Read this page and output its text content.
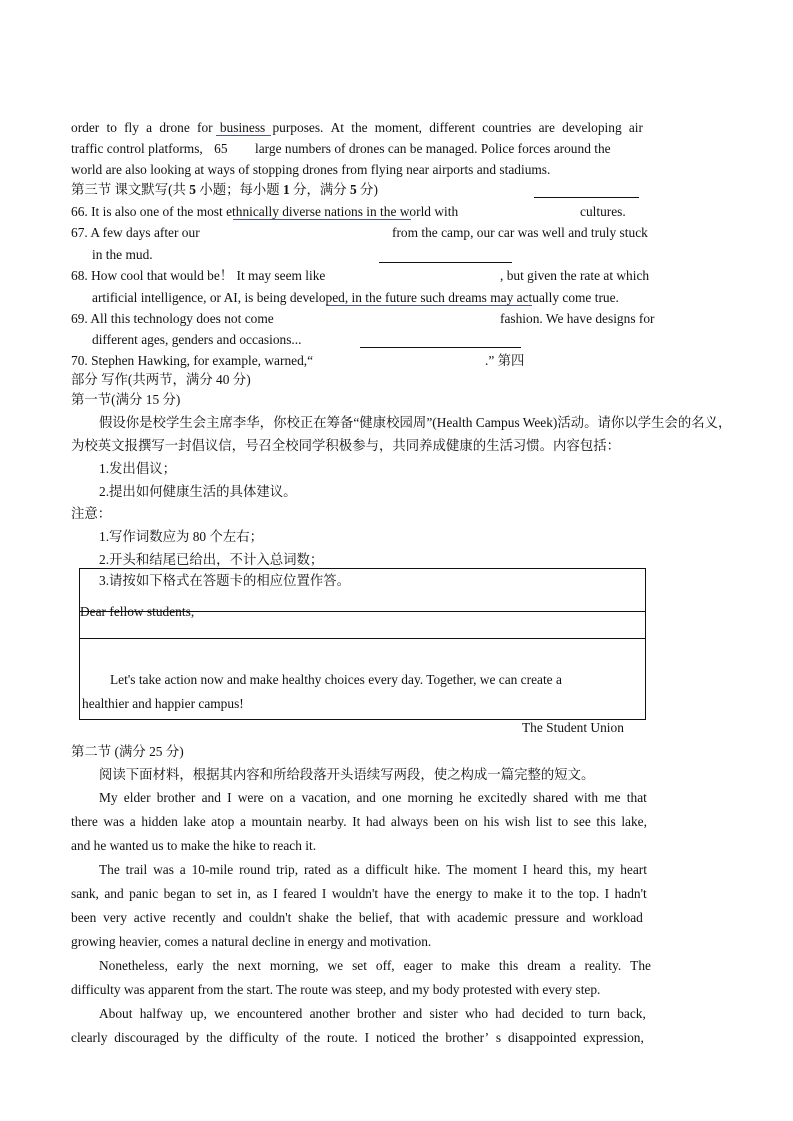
order to fly a drone for business purposes. At the moment, different countries are developing air
traffic control platforms, 65 large numbers of drones can be managed. Police forces around the
world are also looking at ways of stopping drones from flying near airports and stadiums.
第三节 课文默写(共 5 小题；每小题 1 分，满分 5 分)
66. It is also one of the most ethnically diverse nations in the world with	cultures.
67. A few days after our	from the camp, our car was well and truly stuck
in the mud.
68. How cool that would be！ It may seem like	, but given the rate at which
artificial intelligence, or AI, is being developed, in the future such dreams may actually come true.
69. All this technology does not come	fashion. We have designs for
different ages, genders and occasions...
70. Stephen Hawking, for example, warned,“	.” 第四
部分 写作(共两节，满分 40 分)
第一节(满分 15 分)
假设你是校学生会主席李华，你校正在筹备“健康校园周”(Health Campus Week)活动。请你以学生会的名义，
为校英文报撰写一封倡议信，号召全校同学积极参与，共同养成健康的生活习惯。内容包括：
1.发出倡议；
2.提出如何健康生活的具体建议。
注意：
1.写作词数应为 80 个左右；
2.开头和结尾已给出，不计入总词数；
3.请按如下格式在答题卡的相应位置作答。
Dear fellow students,
Let's take action now and make healthy choices every day. Together, we can create a
healthier and happier campus!
The Student Union
第二节 (满分 25 分)
阅读下面材料，根据其内容和所给段落开头语续写两段，使之构成一篇完整的短文。
My elder brother and I were on a vacation, and one morning he excitedly shared with me that
there was a hidden lake atop a mountain nearby. It had always been on his wish list to see this lake,
and he wanted us to make the hike to reach it.
The trail was a 10-mile round trip, rated as a difficult hike. The moment I heard this, my heart
sank, and panic began to set in, as I feared I wouldn't have the energy to make it to the top. I hadn't
been very active recently and couldn't shake the belief, that with academic pressure and workload
growing heavier, comes a natural decline in energy and motivation.
Nonetheless, early the next morning, we set off, eager to make this dream a reality. The
difficulty was apparent from the start. The route was steep, and my body protested with every step.
About halfway up, we encountered another brother and sister who had decided to turn back,
clearly discouraged by the difficulty of the route. I noticed the brother’ s disappointed expression,
